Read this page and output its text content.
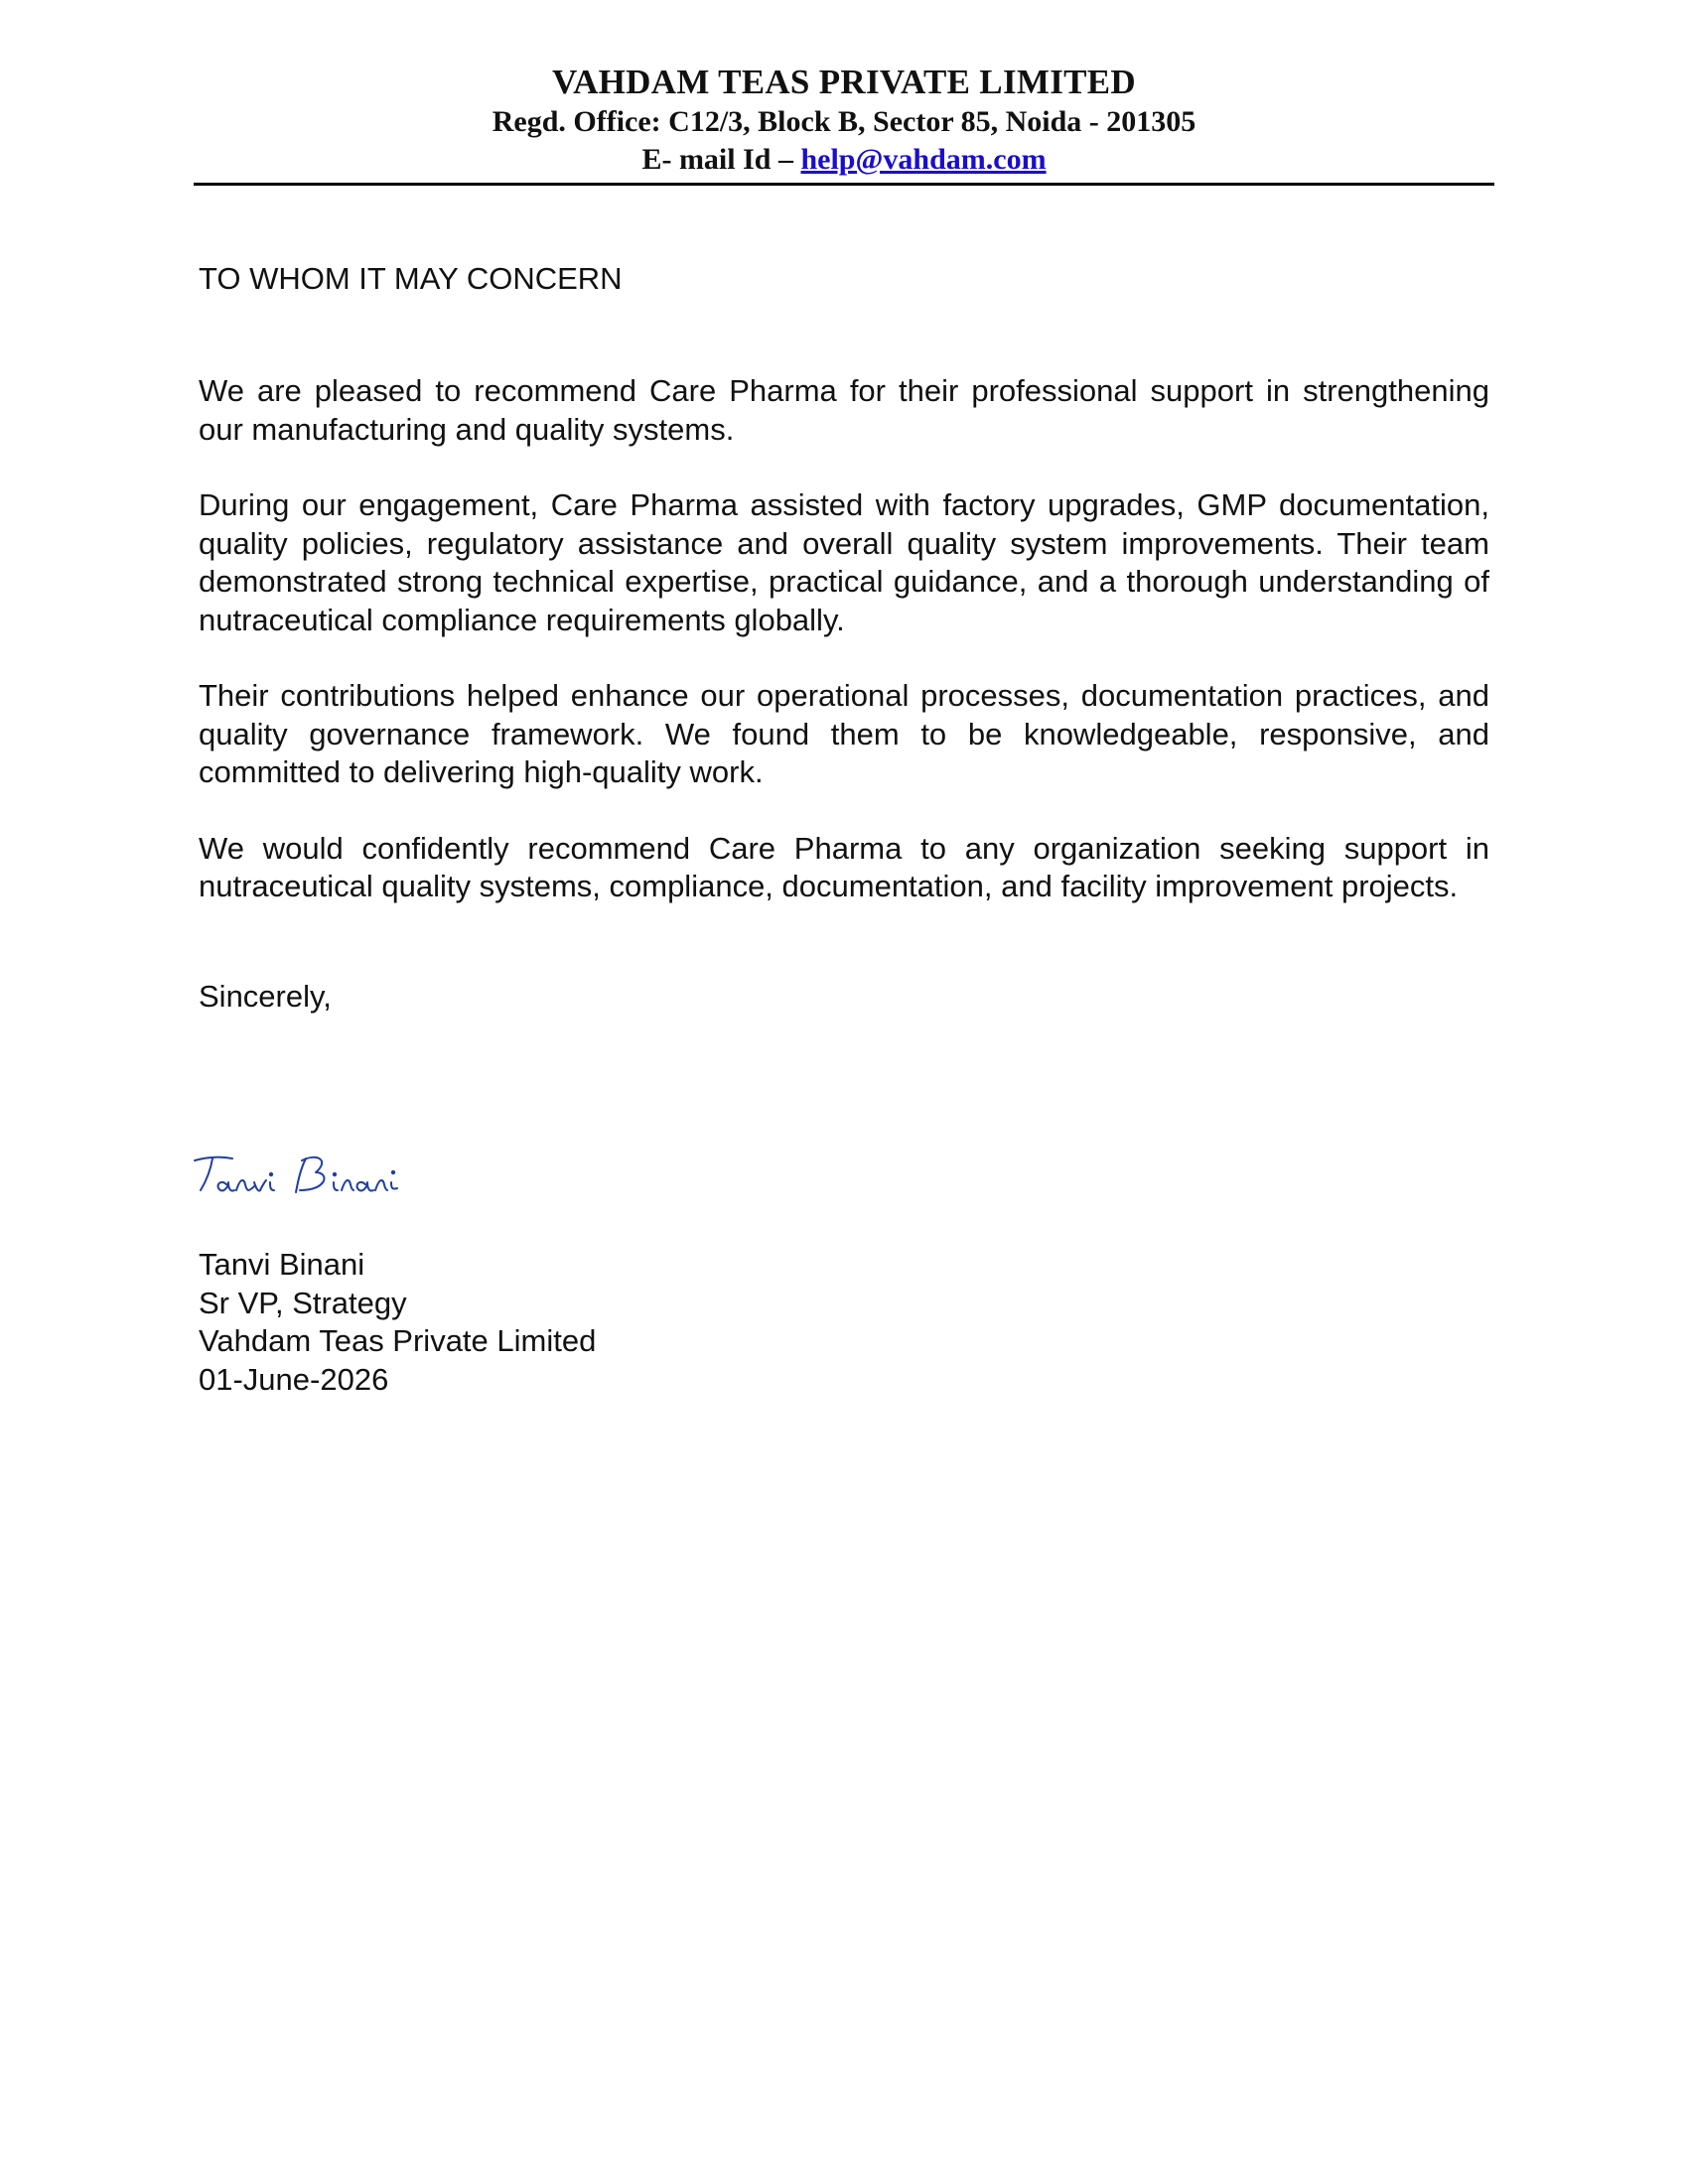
VAHDAM TEAS PRIVATE LIMITED
Regd. Office: C12/3, Block B, Sector 85, Noida - 201305
E- mail Id – help@vahdam.com
TO WHOM IT MAY CONCERN

We are pleased to recommend Care Pharma for their professional support in strengthening our manufacturing and quality systems.

During our engagement, Care Pharma assisted with factory upgrades, GMP documentation, quality policies, regulatory assistance and overall quality system improvements. Their team demonstrated strong technical expertise, practical guidance, and a thorough understanding of nutraceutical compliance requirements globally.

Their contributions helped enhance our operational processes, documentation practices, and quality governance framework. We found them to be knowledgeable, responsive, and committed to delivering high-quality work.

We would confidently recommend Care Pharma to any organization seeking support in nutraceutical quality systems, compliance, documentation, and facility improvement projects.

Sincerely,
Tanvi Binani
Sr VP, Strategy
Vahdam Teas Private Limited
01-June-2026
